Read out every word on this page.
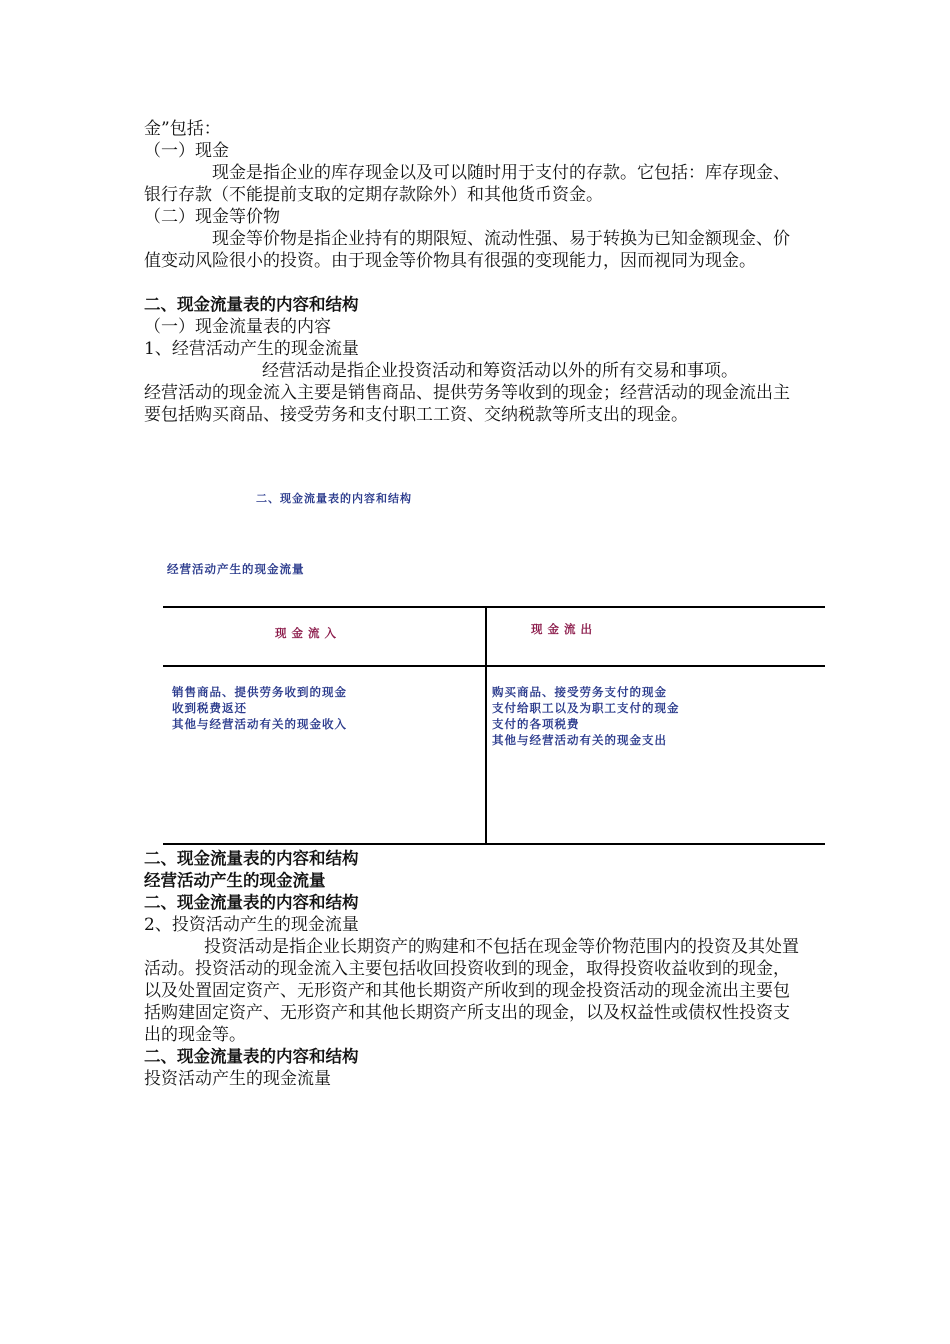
金”包括：
（一）现金
现金是指企业的库存现金以及可以随时用于支付的存款。它包括：库存现金、银行存款（不能提前支取的定期存款除外）和其他货币资金。
（二）现金等价物
现金等价物是指企业持有的期限短、流动性强、易于转换为已知金额现金、价值变动风险很小的投资。由于现金等价物具有很强的变现能力，因而视同为现金。
二、现金流量表的内容和结构
（一）现金流量表的内容
1、经营活动产生的现金流量
经营活动是指企业投资活动和筹资活动以外的所有交易和事项。
经营活动的现金流入主要是销售商品、提供劳务等收到的现金；经营活动的现金流出主要包括购买商品、接受劳务和支付职工工资、交纳税款等所支出的现金。
二、现金流量表的内容和结构
经营活动产生的现金流量
现金流入	现金流出
销售商品、提供劳务收到的现金
收到税费返还
其他与经营活动有关的现金收入
购买商品、接受劳务支付的现金
支付给职工以及为职工支付的现金
支付的各项税费
其他与经营活动有关的现金支出
二、现金流量表的内容和结构
经营活动产生的现金流量
二、现金流量表的内容和结构
2、投资活动产生的现金流量
投资活动是指企业长期资产的购建和不包括在现金等价物范围内的投资及其处置活动。投资活动的现金流入主要包括收回投资收到的现金，取得投资收益收到的现金，以及处置固定资产、无形资产和其他长期资产所收到的现金投资活动的现金流出主要包括购建固定资产、无形资产和其他长期资产所支出的现金，以及权益性或债权性投资支出的现金等。
二、现金流量表的内容和结构
投资活动产生的现金流量
